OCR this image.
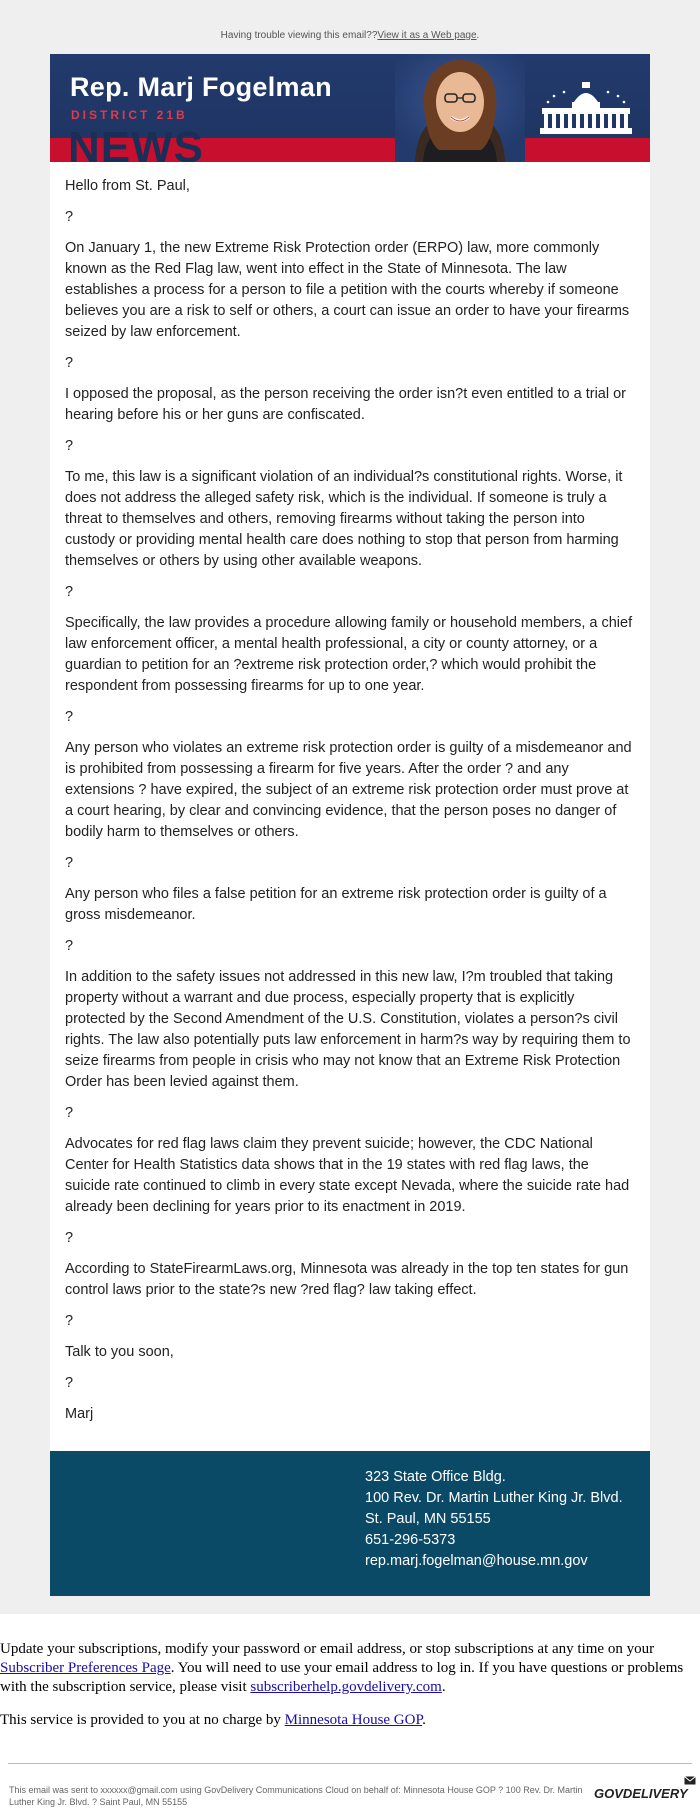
Having trouble viewing this email??View it as a Web page.
Rep. Marj Fogelman
DISTRICT 21B
NEWS

Hello from St. Paul,

?

On January 1, the new Extreme Risk Protection order (ERPO) law, more commonly known as the Red Flag law, went into effect in the State of Minnesota. The law establishes a process for a person to file a petition with the courts whereby if someone believes you are a risk to self or others, a court can issue an order to have your firearms seized by law enforcement.

?

I opposed the proposal, as the person receiving the order isn?t even entitled to a trial or hearing before his or her guns are confiscated.

?

To me, this law is a significant violation of an individual?s constitutional rights. Worse, it does not address the alleged safety risk, which is the individual. If someone is truly a threat to themselves and others, removing firearms without taking the person into custody or providing mental health care does nothing to stop that person from harming themselves or others by using other available weapons.

?

Specifically, the law provides a procedure allowing family or household members, a chief law enforcement officer, a mental health professional, a city or county attorney, or a guardian to petition for an ?extreme risk protection order,? which would prohibit the respondent from possessing firearms for up to one year.

?

Any person who violates an extreme risk protection order is guilty of a misdemeanor and is prohibited from possessing a firearm for five years. After the order ? and any extensions ? have expired, the subject of an extreme risk protection order must prove at a court hearing, by clear and convincing evidence, that the person poses no danger of bodily harm to themselves or others.

?

Any person who files a false petition for an extreme risk protection order is guilty of a gross misdemeanor.

?

In addition to the safety issues not addressed in this new law, I?m troubled that taking property without a warrant and due process, especially property that is explicitly protected by the Second Amendment of the U.S. Constitution, violates a person?s civil rights. The law also potentially puts law enforcement in harm?s way by requiring them to seize firearms from people in crisis who may not know that an Extreme Risk Protection Order has been levied against them.

?

Advocates for red flag laws claim they prevent suicide; however, the CDC National Center for Health Statistics data shows that in the 19 states with red flag laws, the suicide rate continued to climb in every state except Nevada, where the suicide rate had already been declining for years prior to its enactment in 2019.

?

According to StateFirearmLaws.org, Minnesota was already in the top ten states for gun control laws prior to the state?s new ?red flag? law taking effect.

?

Talk to you soon,

?

Marj

323 State Office Bldg.
100 Rev. Dr. Martin Luther King Jr. Blvd.
St. Paul, MN 55155
651-296-5373
rep.marj.fogelman@house.mn.gov

Update your subscriptions, modify your password or email address, or stop subscriptions at any time on your Subscriber Preferences Page. You will need to use your email address to log in. If you have questions or problems with the subscription service, please visit subscriberhelp.govdelivery.com.

This service is provided to you at no charge by Minnesota House GOP.

This email was sent to xxxxxx@gmail.com using GovDelivery Communications Cloud on behalf of: Minnesota House GOP ? 100 Rev. Dr. Martin Luther King Jr. Blvd. ? Saint Paul, MN 55155
GOVDELIVERY
